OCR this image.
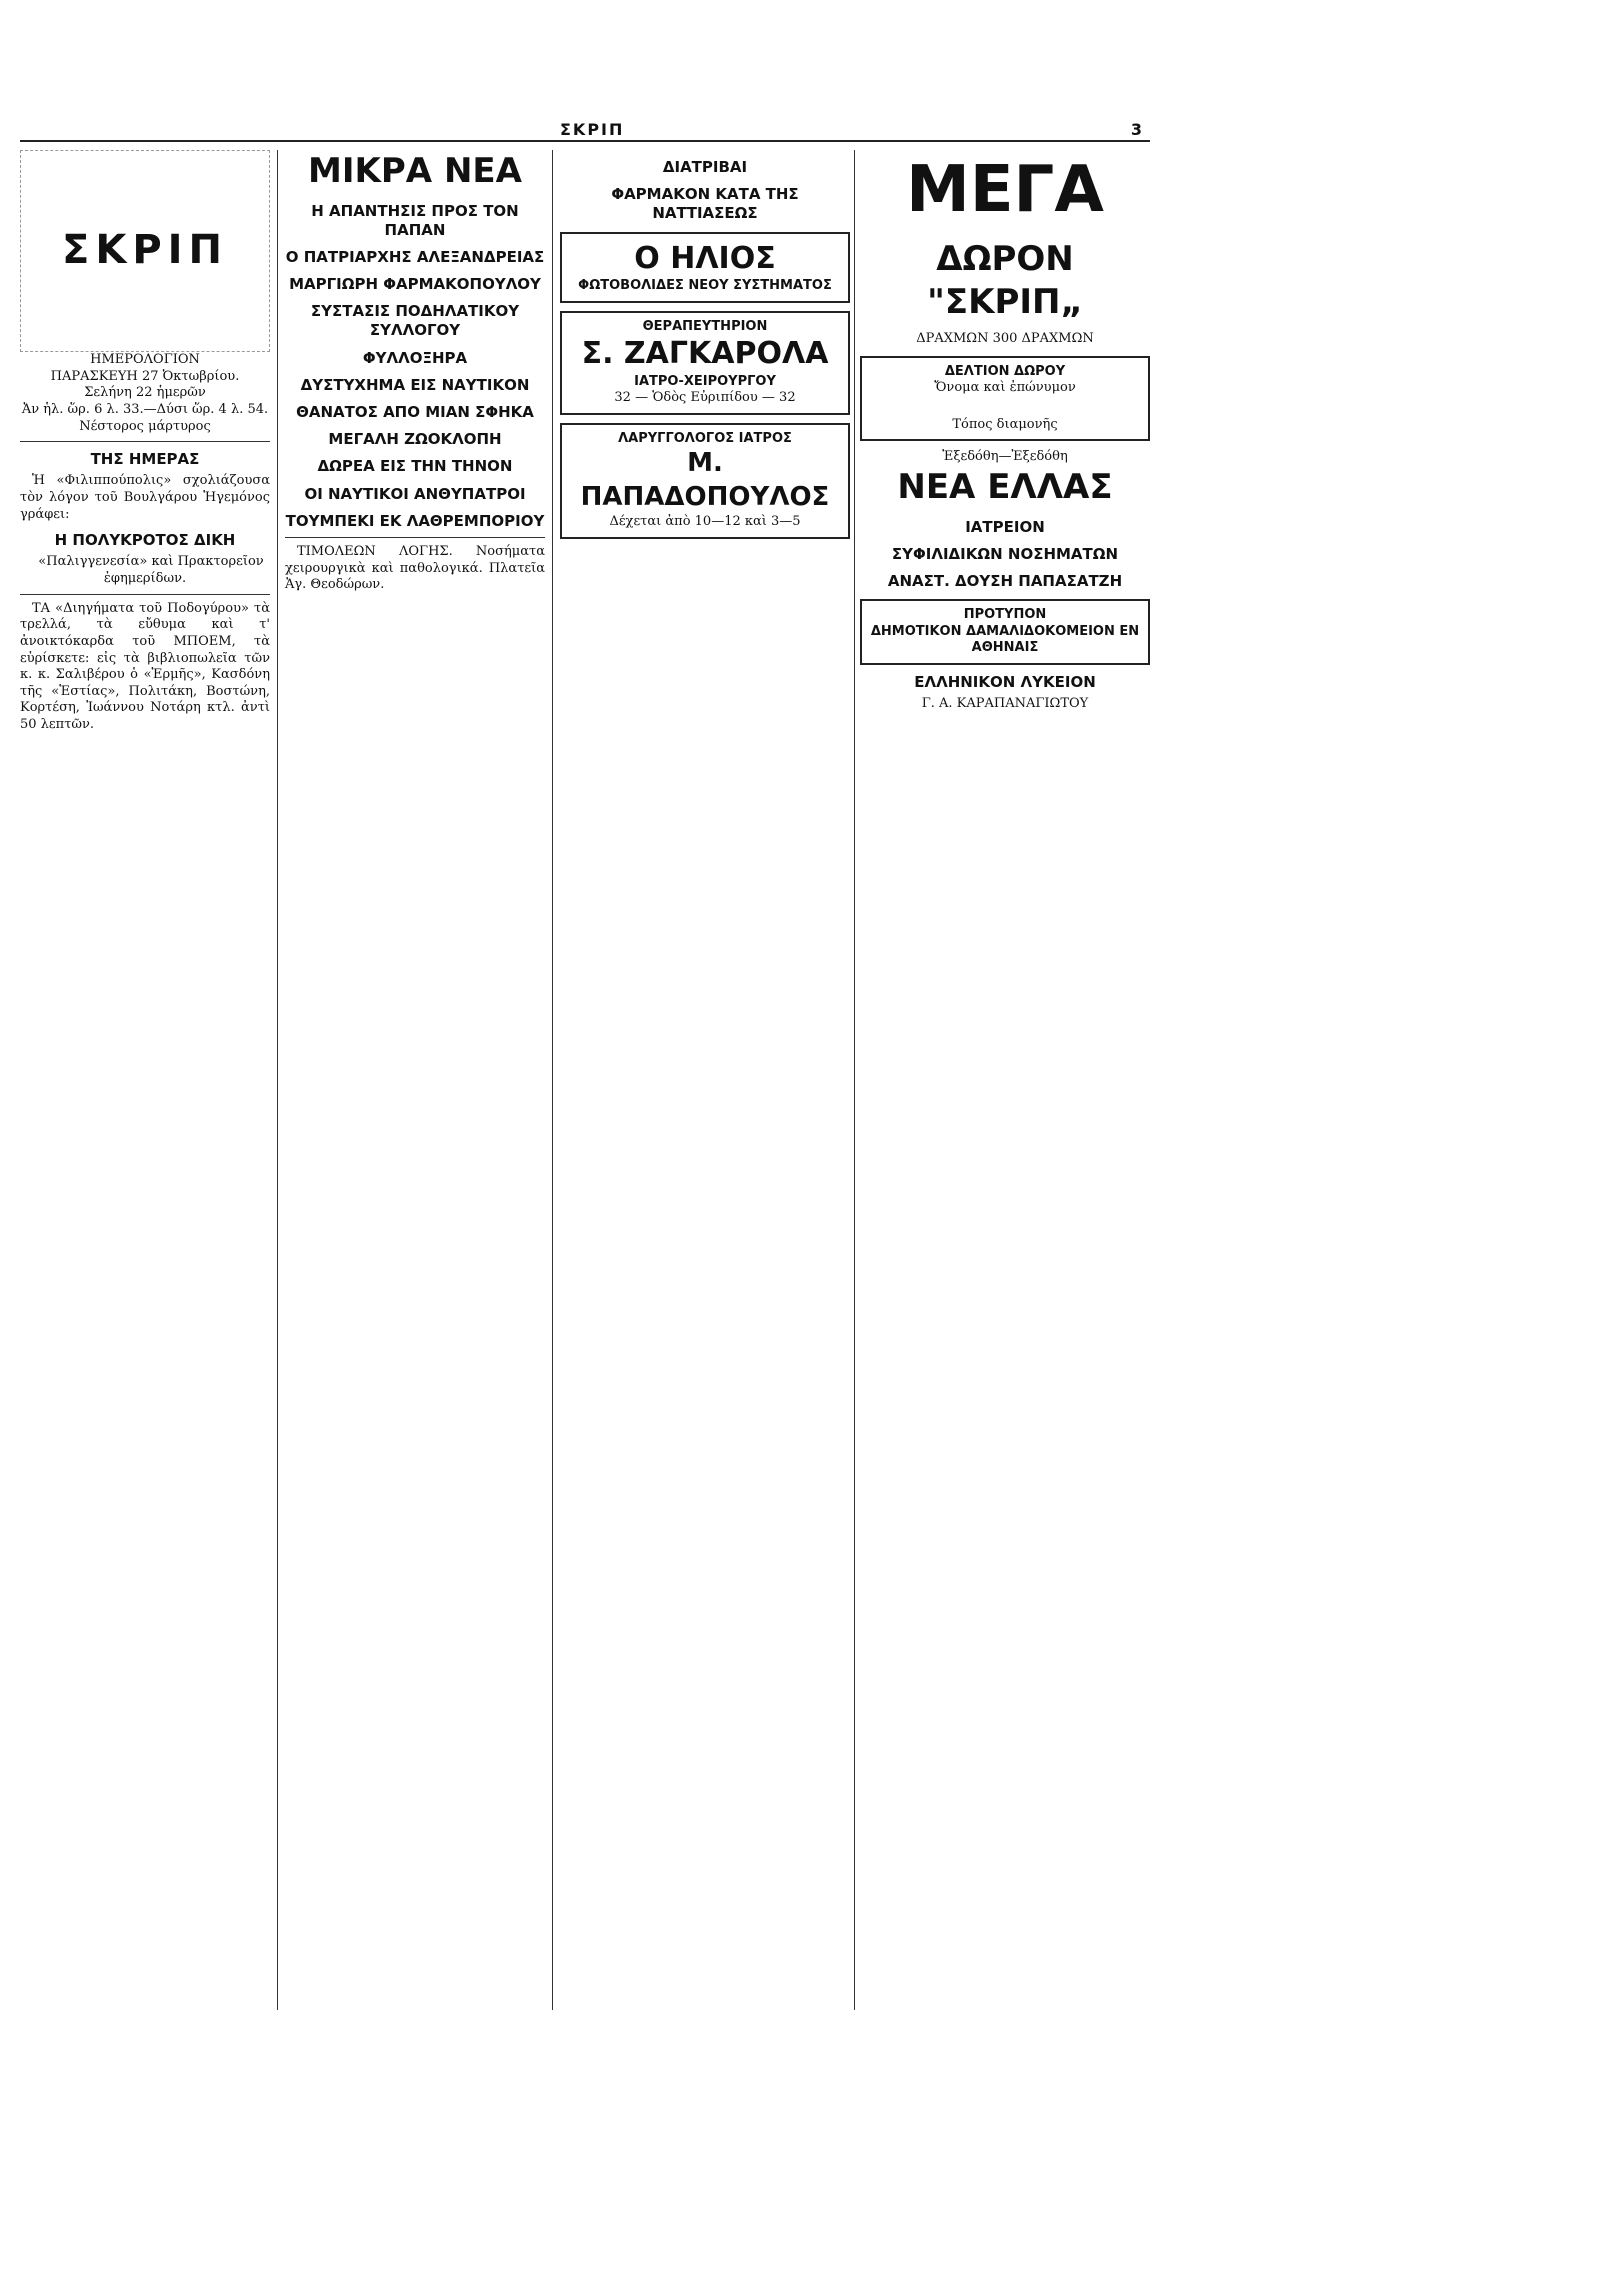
ΣΚΡΙΠ	3
ΣΚΡΙΠ
ΗΜΕΡΟΛΟΓΙΟΝ
ΠΑΡΑΣΚΕΥΗ 27 Ὀκτωβρίου.
Σελήνη 22 ἡμερῶν
Ἀν ἡλ. ὥρ. 6 λ. 33.—Δύσι ὥρ. 4 λ. 54.
Νέστορος μάρτυρος
ΤΗΣ ΗΜΕΡΑΣ

Ἡ «Φιλιππούπολις» σχολιάζουσα τὸν λόγον τοῦ Βουλγάρου Ἡγεμόνος γράφει:

Η ΠΟΛΥΚΡΟΤΟΣ ΔΙΚΗ

«Παλιγγενεσία» καὶ Πρακτορεῖον ἐφημερίδων.

ΤΑ «Διηγήματα τοῦ Ποδογύρου» τὰ τρελλά, τὰ εὔθυμα καὶ τ' ἀνοικτόκαρδα τοῦ ΜΠΟΕΜ, τὰ εὑρίσκετε: εἰς τὰ βιβλιοπωλεῖα τῶν κ. κ. Σαλιβέρου ὁ «Ἑρμῆς», Κασδόνη τῆς «Ἑστίας», Πολιτάκη, Βοστώνη, Κορτέση, Ἰωάννου Νοτάρη κτλ. ἀντὶ 50 λεπτῶν.

ΜΙΚΡΑ ΝΕΑ
Η ΑΠΑΝΤΗΣΙΣ ΠΡΟΣ ΤΟΝ ΠΑΠΑΝ
Ο ΠΑΤΡΙΑΡΧΗΣ ΑΛΕΞΑΝΔΡΕΙΑΣ
ΜΑΡΓΙΩΡΗ ΦΑΡΜΑΚΟΠΟΥΛΟΥ
ΣΥΣΤΑΣΙΣ ΠΟΔΗΛΑΤΙΚΟΥ ΣΥΛΛΟΓΟΥ
ΦΥΛΛΟΞΗΡΑ
ΔΥΣΤΥΧΗΜΑ ΕΙΣ ΝΑΥΤΙΚΟΝ
ΘΑΝΑΤΟΣ ΑΠΟ ΜΙΑΝ ΣΦΗΚΑ
ΜΕΓΑΛΗ ΖΩΟΚΛΟΠΗ
ΔΩΡΕΑ ΕΙΣ ΤΗΝ ΤΗΝΟΝ
ΟΙ ΝΑΥΤΙΚΟΙ ΑΝΘΥΠΑΤΡΟΙ
ΤΟΥΜΠΕΚΙ ΕΚ ΛΑΘΡΕΜΠΟΡΙΟΥ

ΤΙΜΟΛΕΩΝ ΛΟΓΗΣ. Νοσήματα χειρουργικὰ καὶ παθολογικά. Πλατεῖα Ἁγ. Θεοδώρων.

ΔΙΑΤΡΙΒΑΙ
ΦΑΡΜΑΚΟΝ ΚΑΤΑ ΤΗΣ ΝΑΤΤΙΑΣΕΩΣ
Ο ΗΛΙΟΣ
ΦΩΤΟΒΟΛΙΔΕΣ ΝΕΟΥ ΣΥΣΤΗΜΑΤΟΣ
ΘΕΡΑΠΕΥΤΗΡΙΟΝ
Σ. ΖΑΓΚΑΡΟΛΑ
ΙΑΤΡΟ-ΧΕΙΡΟΥΡΓΟΥ
32 — Ὁδὸς Εὐριπίδου — 32
ΛΑΡΥΓΓΟΛΟΓΟΣ ΙΑΤΡΟΣ
Μ. ΠΑΠΑΔΟΠΟΥΛΟΣ
Δέχεται ἀπὸ 10—12 καὶ 3—5
ΜΕΓΑ
ΔΩΡΟΝ "ΣΚΡΙΠ„
ΔΡΑΧΜΩΝ 300 ΔΡΑΧΜΩΝ
ΔΕΛΤΙΟΝ ΔΩΡΟΥ
Ὄνομα καὶ ἐπώνυμον
Τόπος διαμονῆς
Ἐξεδόθη—Ἐξεδόθη
ΝΕΑ ΕΛΛΑΣ
ΙΑΤΡΕΙΟΝ
ΣΥΦΙΛΙΔΙΚΩΝ ΝΟΣΗΜΑΤΩΝ
ΑΝΑΣΤ. ΔΟΥΣΗ ΠΑΠΑΣΑΤΖΗ
ΠΡΟΤΥΠΟΝ
ΔΗΜΟΤΙΚΟΝ ΔΑΜΑΛΙΔΟΚΟΜΕΙΟΝ ΕΝ ΑΘΗΝΑΙΣ
ΕΛΛΗΝΙΚΟΝ ΛΥΚΕΙΟΝ
Γ. Α. ΚΑΡΑΠΑΝΑΓΙΩΤΟΥ
